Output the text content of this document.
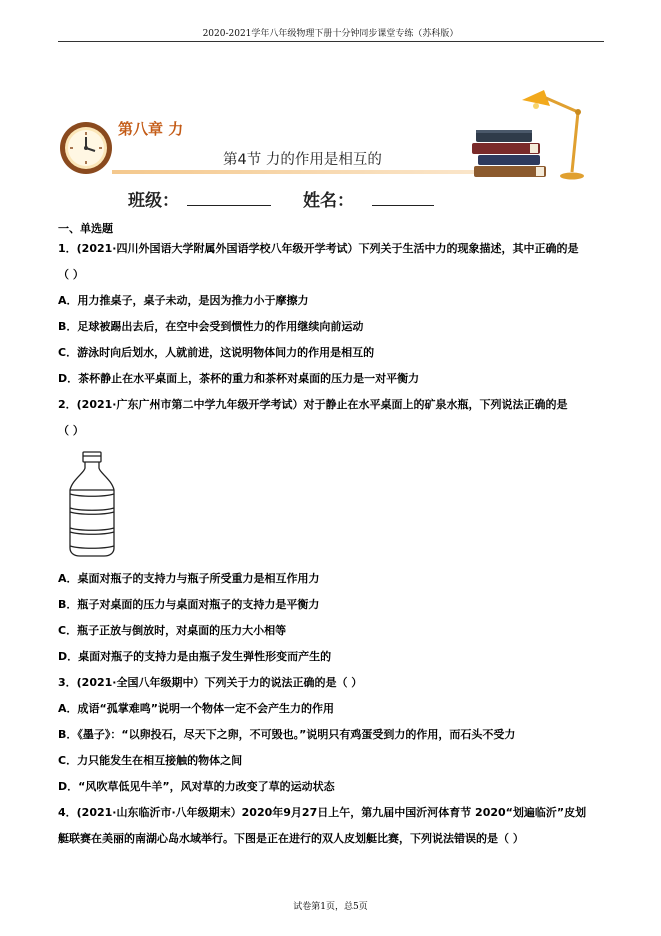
2020-2021学年八年级物理下册十分钟同步课堂专练（苏科版）
第八章 力
第4节 力的作用是相互的
班级：	姓名：
一、单选题
1．(2021·四川外国语大学附属外国语学校八年级开学考试）下列关于生活中力的现象描述，其中正确的是
（ ）
A．用力推桌子，桌子未动，是因为推力小于摩擦力
B．足球被踢出去后，在空中会受到惯性力的作用继续向前运动
C．游泳时向后划水，人就前进，这说明物体间力的作用是相互的
D．茶杯静止在水平桌面上，茶杯的重力和茶杯对桌面的压力是一对平衡力
2．(2021·广东广州市第二中学九年级开学考试）对于静止在水平桌面上的矿泉水瓶，下列说法正确的是
（ ）
A．桌面对瓶子的支持力与瓶子所受重力是相互作用力
B．瓶子对桌面的压力与桌面对瓶子的支持力是平衡力
C．瓶子正放与倒放时，对桌面的压力大小相等
D．桌面对瓶子的支持力是由瓶子发生弹性形变而产生的
3．(2021·全国八年级期中）下列关于力的说法正确的是（ ）
A．成语“孤掌难鸣”说明一个物体一定不会产生力的作用
B．《墨子》：“以卵投石，尽天下之卵，不可毁也。”说明只有鸡蛋受到力的作用，而石头不受力
C．力只能发生在相互接触的物体之间
D．“风吹草低见牛羊”，风对草的力改变了草的运动状态
4．(2021·山东临沂市·八年级期末）2020年9月27日上午，第九届中国沂河体育节 2020“划遍临沂”皮划
艇联赛在美丽的南湖心岛水域举行。下图是正在进行的双人皮划艇比赛，下列说法错误的是（ ）
试卷第1页，总5页
